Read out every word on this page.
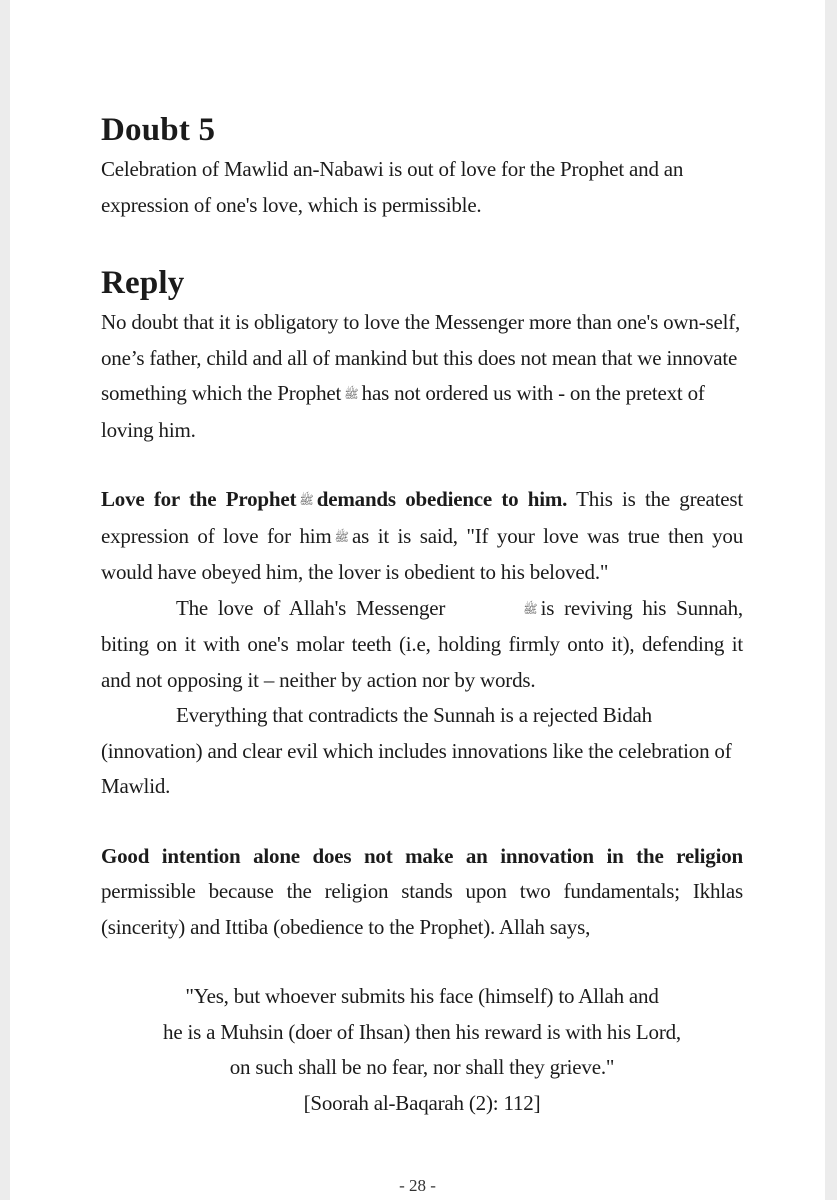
Doubt 5

Celebration of Mawlid an-Nabawi is out of love for the Prophet and an expression of one's love, which is permissible.

Reply

No doubt that it is obligatory to love the Messenger more than one's own-self, one’s father, child and all of mankind but this does not mean that we innovate something which the Prophet ﷺ has not ordered us with - on the pretext of loving him.

Love for the Prophet ﷺ demands obedience to him. This is the greatest expression of love for him ﷺ as it is said, "If your love was true then you would have obeyed him, the lover is obedient to his beloved."

The love of Allah's Messenger	ﷺ is reviving his Sunnah, biting on it with one's molar teeth (i.e, holding firmly onto it), defending it and not opposing it – neither by action nor by words.

Everything that contradicts the Sunnah is a rejected Bidah (innovation) and clear evil which includes innovations like the celebration of Mawlid.

Good intention alone does not make an innovation in the religion permissible because the religion stands upon two fundamentals; Ikhlas (sincerity) and Ittiba (obedience to the Prophet). Allah says,

"Yes, but whoever submits his face (himself) to Allah and
he is a Muhsin (doer of Ihsan) then his reward is with his Lord,
on such shall be no fear, nor shall they grieve."
[Soorah al-Baqarah (2): 112]
- 28 -
